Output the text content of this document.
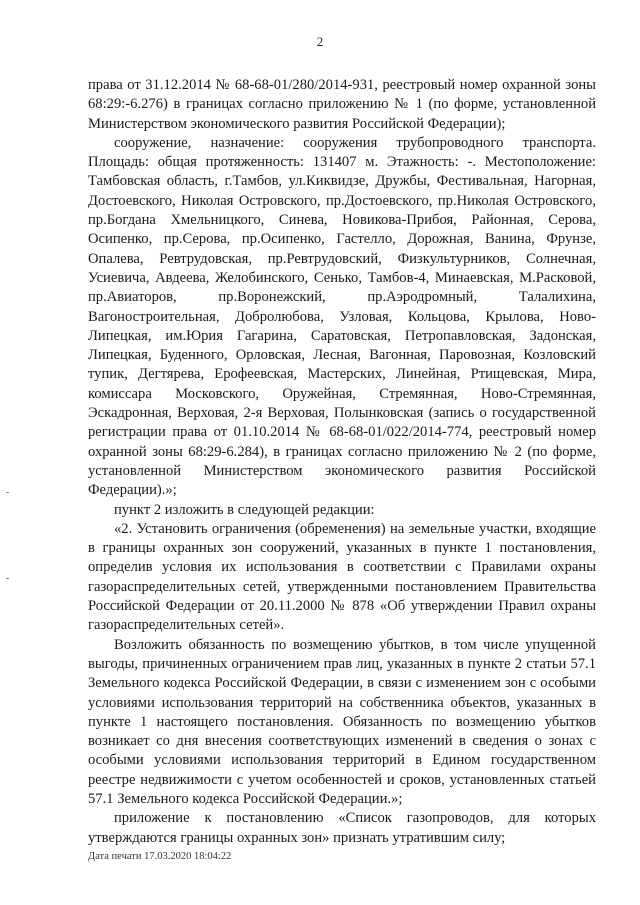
2

права от 31.12.2014 № 68-68-01/280/2014-931, реестровый номер охранной зоны 68:29:-6.276) в границах согласно приложению № 1 (по форме, установленной Министерством экономического развития Российской Федерации);

сооружение, назначение: сооружения трубопроводного транспорта. Площадь: общая протяженность: 131407 м. Этажность: -. Местоположение: Тамбовская область, г.Тамбов, ул.Киквидзе, Дружбы, Фестивальная, Нагорная, Достоевского, Николая Островского, пр.Достоевского, пр.Николая Островского, пр.Богдана Хмельницкого, Синева, Новикова-Прибоя, Районная, Серова, Осипенко, пр.Серова, пр.Осипенко, Гастелло, Дорожная, Ванина, Фрунзе, Опалева, Ревтрудовская, пр.Ревтрудовский, Физкультурников, Солнечная, Усиевича, Авдеева, Желобинского, Сенько, Тамбов-4, Минаевская, М.Расковой, пр.Авиаторов, пр.Воронежский, пр.Аэродромный, Талалихина, Вагоностроительная, Добролюбова, Узловая, Кольцова, Крылова, Ново-Липецкая, им.Юрия Гагарина, Саратовская, Петропавловская, Задонская, Липецкая, Буденного, Орловская, Лесная, Вагонная, Паровозная, Козловский тупик, Дегтярева, Ерофеевская, Мастерских, Линейная, Ртищевская, Мира, комиссара Московского, Оружейная, Стремянная, Ново-Стремянная, Эскадронная, Верховая, 2-я Верховая, Полынковская (запись о государственной регистрации права от 01.10.2014 № 68-68-01/022/2014-774, реестровый номер охранной зоны 68:29-6.284), в границах согласно приложению № 2 (по форме, установленной Министерством экономического развития Российской Федерации).»;

пункт 2 изложить в следующей редакции:

«2. Установить ограничения (обременения) на земельные участки, входящие в границы охранных зон сооружений, указанных в пункте 1 постановления, определив условия их использования в соответствии с Правилами охраны газораспределительных сетей, утвержденными постановлением Правительства Российской Федерации от 20.11.2000 № 878 «Об утверждении Правил охраны газораспределительных сетей».

Возложить обязанность по возмещению убытков, в том числе упущенной выгоды, причиненных ограничением прав лиц, указанных в пункте 2 статьи 57.1 Земельного кодекса Российской Федерации, в связи с изменением зон с особыми условиями использования территорий на собственника объектов, указанных в пункте 1 настоящего постановления. Обязанность по возмещению убытков возникает со дня внесения соответствующих изменений в сведения о зонах с особыми условиями использования территорий в Едином государственном реестре недвижимости с учетом особенностей и сроков, установленных статьей 57.1 Земельного кодекса Российской Федерации.»;

приложение к постановлению «Список газопроводов, для которых утверждаются границы охранных зон» признать утратившим силу;

Дата печати 17.03.2020 18:04:22
